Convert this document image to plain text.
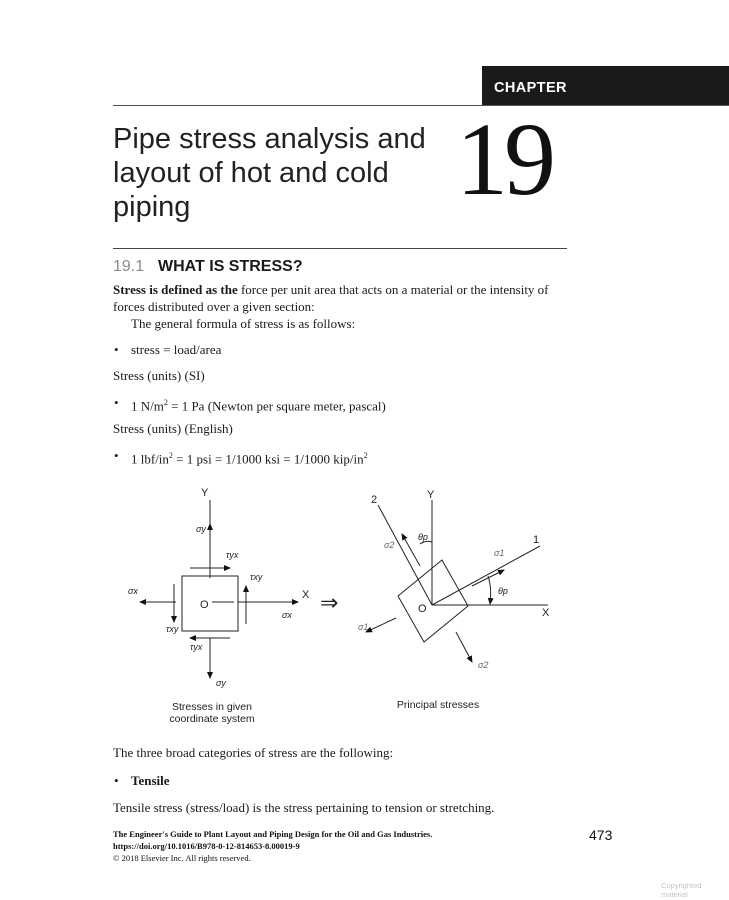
CHAPTER
Pipe stress analysis and
layout of hot and cold
piping	19
19.1 WHAT IS STRESS?
Stress is defined as the force per unit area that acts on a material or the intensity of
forces distributed over a given section:
The general formula of stress is as follows:
• stress = load/area
Stress (units) (SI)
• 1 $N/m^2 = 1$ Pa (Newton per square meter, pascal)
Stress (units) (English)
• 1 lbf/$in^2 = 1$ psi = 1/1000 ksi = 1/1000 kip/$in^2$
Y
X
O
σy
σy
σx
σx
τyx
τxy
τxy
τyx
Stresses in given
coordinate system
⇒
Y
X
2
1
O
θp
θp
σ2
σ1
σ1
σ2
Principal stresses
The three broad categories of stress are the following:
• Tensile
Tensile stress (stress/load) is the stress pertaining to tension or stretching.
The Engineer's Guide to Plant Layout and Piping Design for the Oil and Gas Industries.
https://doi.org/10.1016/B978-0-12-814653-8.00019-9
© 2018 Elsevier Inc. All rights reserved.
473
Copyrighted material
